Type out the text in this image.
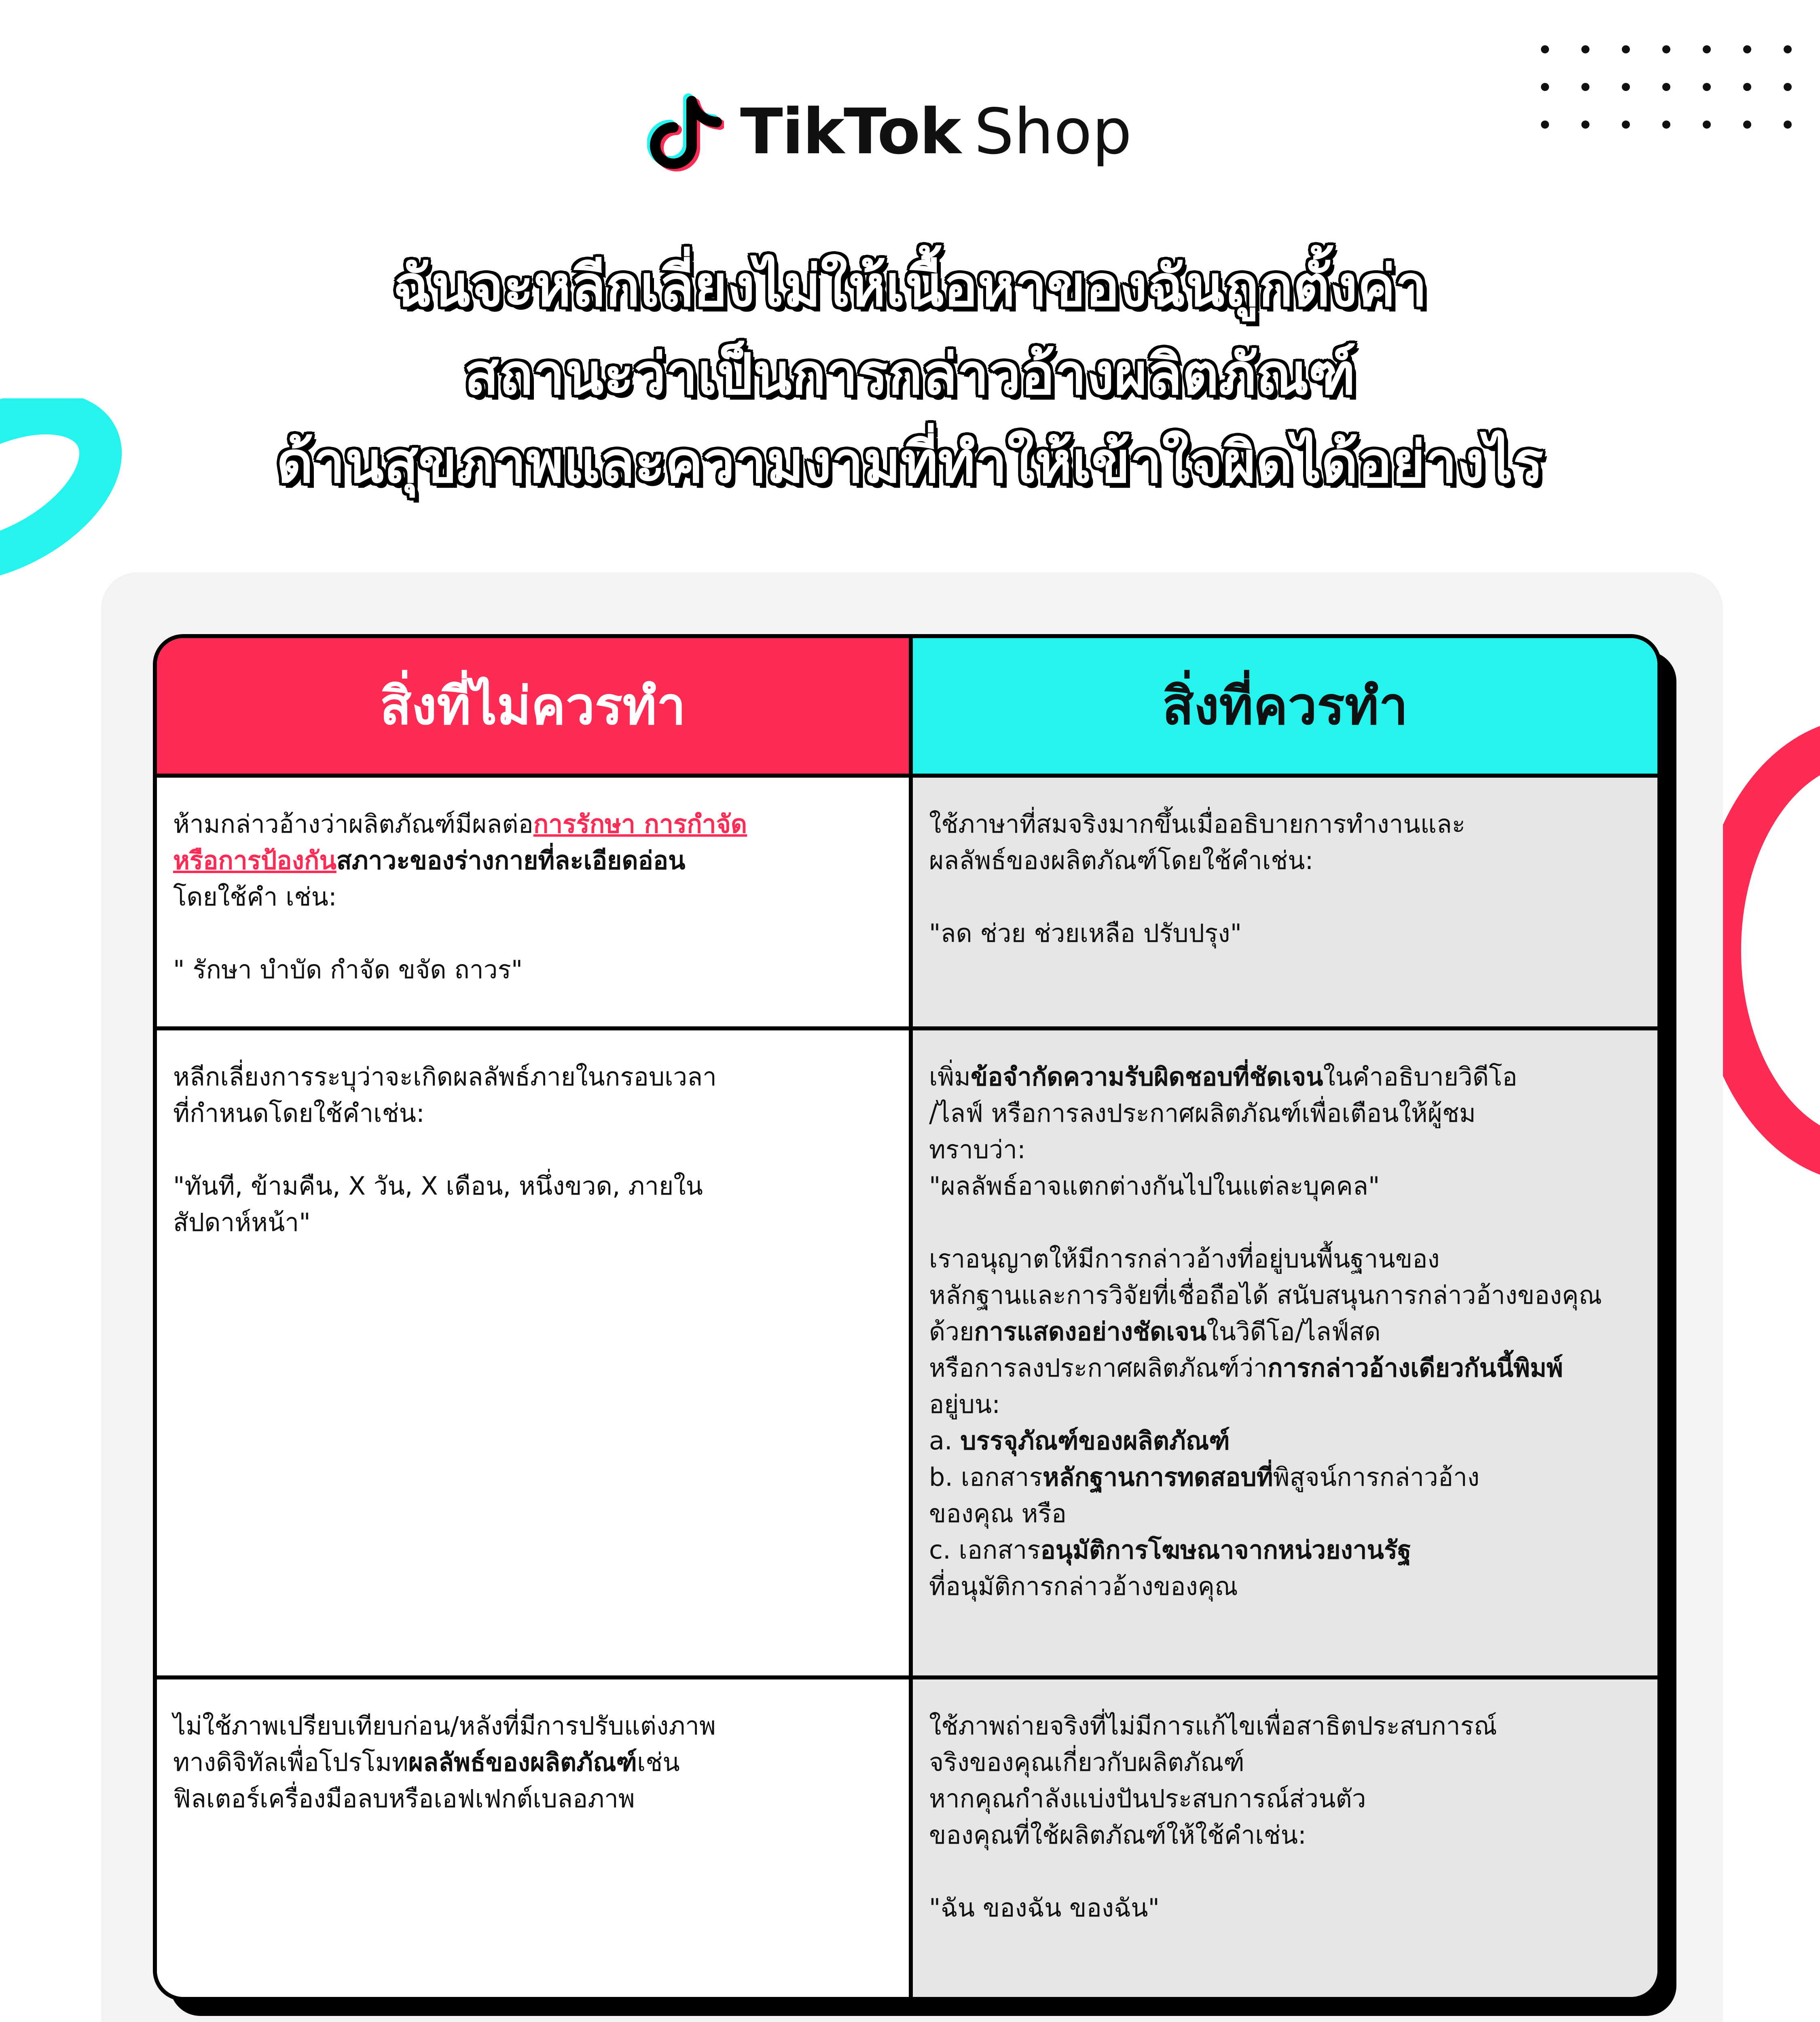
TikTok Shop
ฉันจะหลีกเลี่ยงไม่ให้เนื้อหาของฉันถูกตั้งค่า
สถานะว่าเป็นการกล่าวอ้างผลิตภัณฑ์
ด้านสุขภาพและความงามที่ทำให้เข้าใจผิดได้อย่างไร
สิ่งที่ไม่ควรทำ	สิ่งที่ควรทำ
ห้ามกล่าวอ้างว่าผลิตภัณฑ์มีผลต่อการรักษา การกำจัด
หรือการป้องกันสภาวะของร่างกายที่ละเอียดอ่อน
โดยใช้คำ เช่น:
" รักษา บำบัด กำจัด ขจัด ถาวร"
ใช้ภาษาที่สมจริงมากขึ้นเมื่ออธิบายการทำงานและ
ผลลัพธ์ของผลิตภัณฑ์โดยใช้คำเช่น:
"ลด ช่วย ช่วยเหลือ ปรับปรุง"
หลีกเลี่ยงการระบุว่าจะเกิดผลลัพธ์ภายในกรอบเวลา
ที่กำหนดโดยใช้คำเช่น:
"ทันที, ข้ามคืน, X วัน, X เดือน, หนึ่งขวด, ภายใน
สัปดาห์หน้า"
เพิ่มข้อจำกัดความรับผิดชอบที่ชัดเจนในคำอธิบายวิดีโอ
/ไลฟ์ หรือการลงประกาศผลิตภัณฑ์เพื่อเตือนให้ผู้ชม
ทราบว่า:
"ผลลัพธ์อาจแตกต่างกันไปในแต่ละบุคคล"
เราอนุญาตให้มีการกล่าวอ้างที่อยู่บนพื้นฐานของ
หลักฐานและการวิจัยที่เชื่อถือได้ สนับสนุนการกล่าวอ้างของคุณ
ด้วยการแสดงอย่างชัดเจนในวิดีโอ/ไลฟ์สด
หรือการลงประกาศผลิตภัณฑ์ว่าการกล่าวอ้างเดียวกันนี้พิมพ์
อยู่บน:
a. บรรจุภัณฑ์ของผลิตภัณฑ์
b. เอกสารหลักฐานการทดสอบที่พิสูจน์การกล่าวอ้าง
ของคุณ หรือ
c. เอกสารอนุมัติการโฆษณาจากหน่วยงานรัฐ
ที่อนุมัติการกล่าวอ้างของคุณ
ไม่ใช้ภาพเปรียบเทียบก่อน/หลังที่มีการปรับแต่งภาพ
ทางดิจิทัลเพื่อโปรโมทผลลัพธ์ของผลิตภัณฑ์เช่น
ฟิลเตอร์เครื่องมือลบหรือเอฟเฟกต์เบลอภาพ
ใช้ภาพถ่ายจริงที่ไม่มีการแก้ไขเพื่อสาธิตประสบการณ์
จริงของคุณเกี่ยวกับผลิตภัณฑ์
หากคุณกำลังแบ่งปันประสบการณ์ส่วนตัว
ของคุณที่ใช้ผลิตภัณฑ์ให้ใช้คำเช่น:
"ฉัน ของฉัน ของฉัน"
